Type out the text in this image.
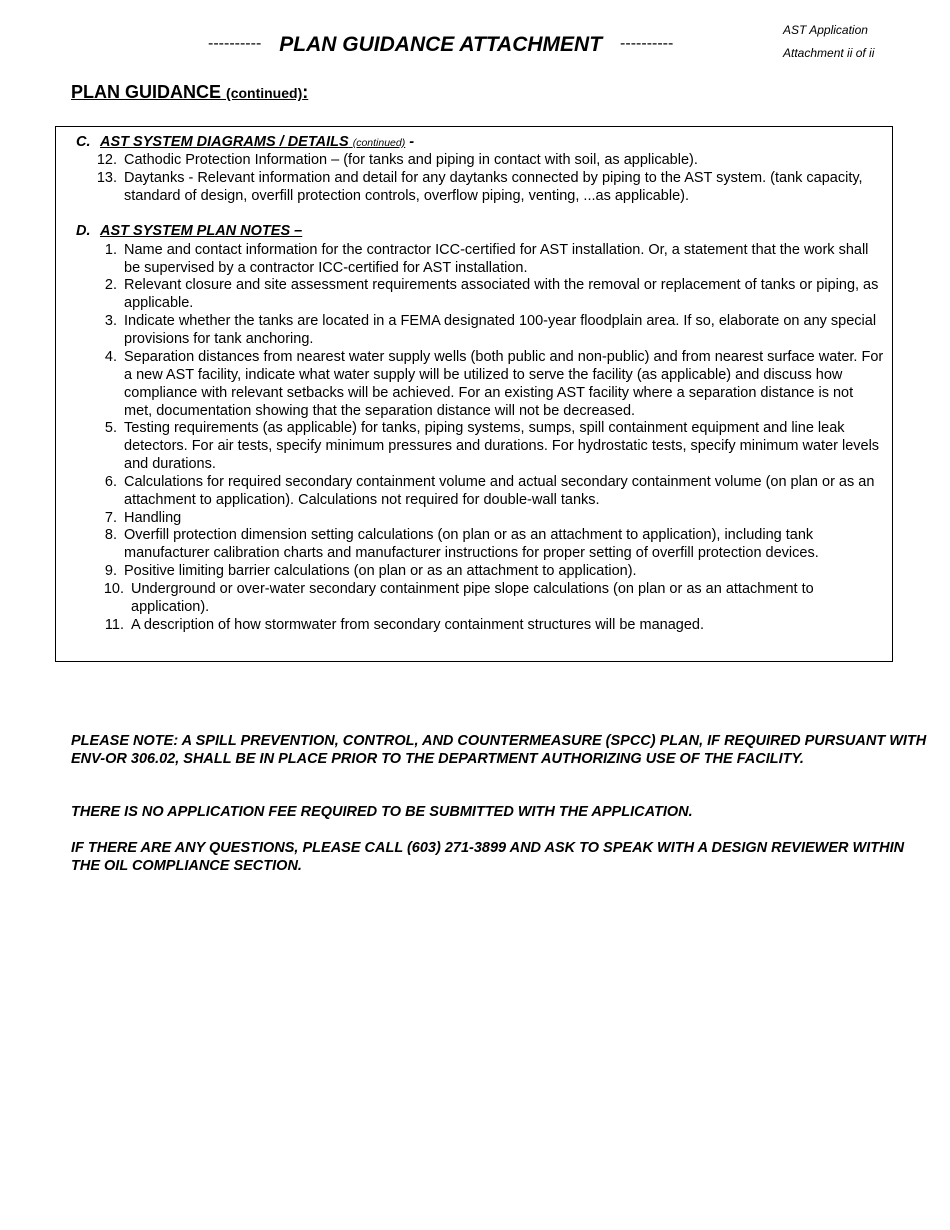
AST Application
Attachment ii of ii
---------- PLAN GUIDANCE ATTACHMENT ----------
PLAN GUIDANCE (continued):
C. AST SYSTEM DIAGRAMS / DETAILS (continued) -
12. Cathodic Protection Information – (for tanks and piping in contact with soil, as applicable).
13. Daytanks - Relevant information and detail for any daytanks connected by piping to the AST system. (tank capacity, standard of design, overfill protection controls, overflow piping, venting, ...as applicable).
D. AST SYSTEM PLAN NOTES –
1. Name and contact information for the contractor ICC-certified for AST installation. Or, a statement that the work shall be supervised by a contractor ICC-certified for AST installation.
2. Relevant closure and site assessment requirements associated with the removal or replacement of tanks or piping, as applicable.
3. Indicate whether the tanks are located in a FEMA designated 100-year floodplain area. If so, elaborate on any special provisions for tank anchoring.
4. Separation distances from nearest water supply wells (both public and non-public) and from nearest surface water. For a new AST facility, indicate what water supply will be utilized to serve the facility (as applicable) and discuss how compliance with relevant setbacks will be achieved. For an existing AST facility where a separation distance is not met, documentation showing that the separation distance will not be decreased.
5. Testing requirements (as applicable) for tanks, piping systems, sumps, spill containment equipment and line leak detectors. For air tests, specify minimum pressures and durations. For hydrostatic tests, specify minimum water levels and durations.
6. Calculations for required secondary containment volume and actual secondary containment volume (on plan or as an attachment to application). Calculations not required for double-wall tanks.
7. Handling
8. Overfill protection dimension setting calculations (on plan or as an attachment to application), including tank manufacturer calibration charts and manufacturer instructions for proper setting of overfill protection devices.
9. Positive limiting barrier calculations (on plan or as an attachment to application).
10. Underground or over-water secondary containment pipe slope calculations (on plan or as an attachment to application).
11. A description of how stormwater from secondary containment structures will be managed.
PLEASE NOTE: A SPILL PREVENTION, CONTROL, AND COUNTERMEASURE (SPCC) PLAN, IF REQUIRED PURSUANT WITH ENV-OR 306.02, SHALL BE IN PLACE PRIOR TO THE DEPARTMENT AUTHORIZING USE OF THE FACILITY.
THERE IS NO APPLICATION FEE REQUIRED TO BE SUBMITTED WITH THE APPLICATION.
IF THERE ARE ANY QUESTIONS, PLEASE CALL (603) 271-3899 AND ASK TO SPEAK WITH A DESIGN REVIEWER WITHIN THE OIL COMPLIANCE SECTION.
